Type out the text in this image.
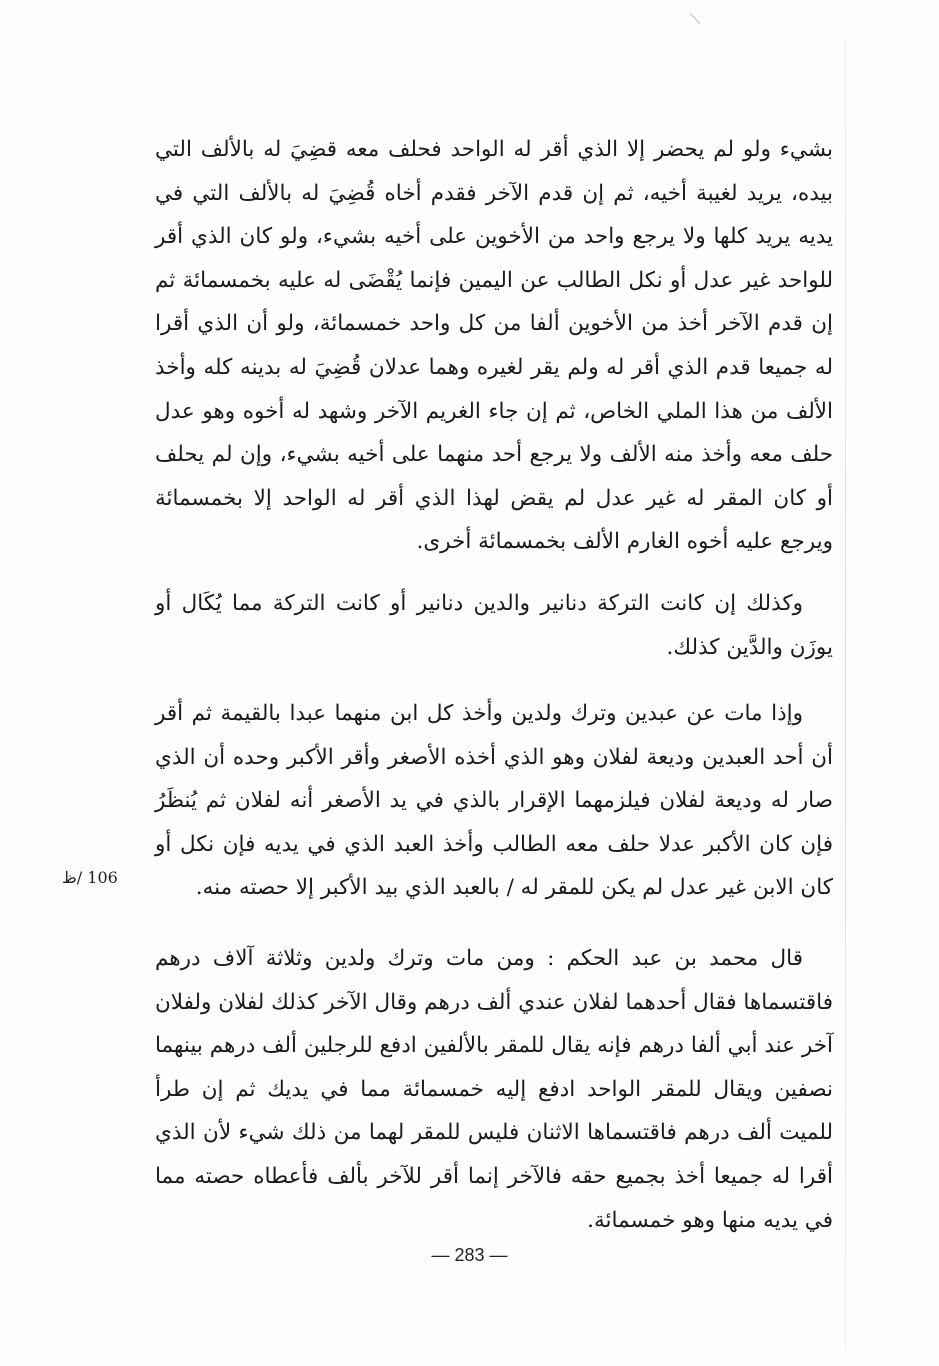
بشيء ولو لم يحضر إلا الذي أقر له الواحد فحلف معه قضِيَ له بالألف التي بيده، يريد لغيبة أخيه، ثم إن قدم الآخر فقدم أخاه قُضِيَ له بالألف التي في يديه يريد كلها ولا يرجع واحد من الأخوين على أخيه بشيء، ولو كان الذي أقر للواحد غير عدل أو نكل الطالب عن اليمين فإنما يُقْضَى له عليه بخمسمائة ثم إن قدم الآخر أخذ من الأخوين ألفا من كل واحد خمسمائة، ولو أن الذي أقرا له جميعا قدم الذي أقر له ولم يقر لغيره وهما عدلان قُضِيَ له بدينه كله وأخذ الألف من هذا الملي الخاص، ثم إن جاء الغريم الآخر وشهد له أخوه وهو عدل حلف معه وأخذ منه الألف ولا يرجع أحد منهما على أخيه بشيء، وإن لم يحلف أو كان المقر له غير عدل لم يقض لهذا الذي أقر له الواحد إلا بخمسمائة ويرجع عليه أخوه الغارم الألف بخمسمائة أخرى.

وكذلك إن كانت التركة دنانير والدين دنانير أو كانت التركة مما يُكَال أو يوزَن والدَّين كذلك.

وإذا مات عن عبدين وترك ولدين وأخذ كل ابن منهما عبدا بالقيمة ثم أقر أن أحد العبدين وديعة لفلان وهو الذي أخذه الأصغر وأقر الأكبر وحده أن الذي صار له وديعة لفلان فيلزمهما الإقرار بالذي في يد الأصغر أنه لفلان ثم يُنظَرُ فإن كان الأكبر عدلا حلف معه الطالب وأخذ العبد الذي في يديه فإن نكل أو كان الابن غير عدل لم يكن للمقر له / بالعبد الذي بيد الأكبر إلا حصته منه.

قال محمد بن عبد الحكم : ومن مات وترك ولدين وثلاثة آلاف درهم فاقتسماها فقال أحدهما لفلان عندي ألف درهم وقال الآخر كذلك لفلان ولفلان آخر عند أبي ألفا درهم فإنه يقال للمقر بالألفين ادفع للرجلين ألف درهم بينهما نصفين ويقال للمقر الواحد ادفع إليه خمسمائة مما في يديك ثم إن طرأ للميت ألف درهم فاقتسماها الاثنان فليس للمقر لهما من ذلك شيء لأن الذي أقرا له جميعا أخذ بجميع حقه فالآخر إنما أقر للآخر بألف فأعطاه حصته مما في يديه منها وهو خمسمائة.

106 /ظ
— 283 —
